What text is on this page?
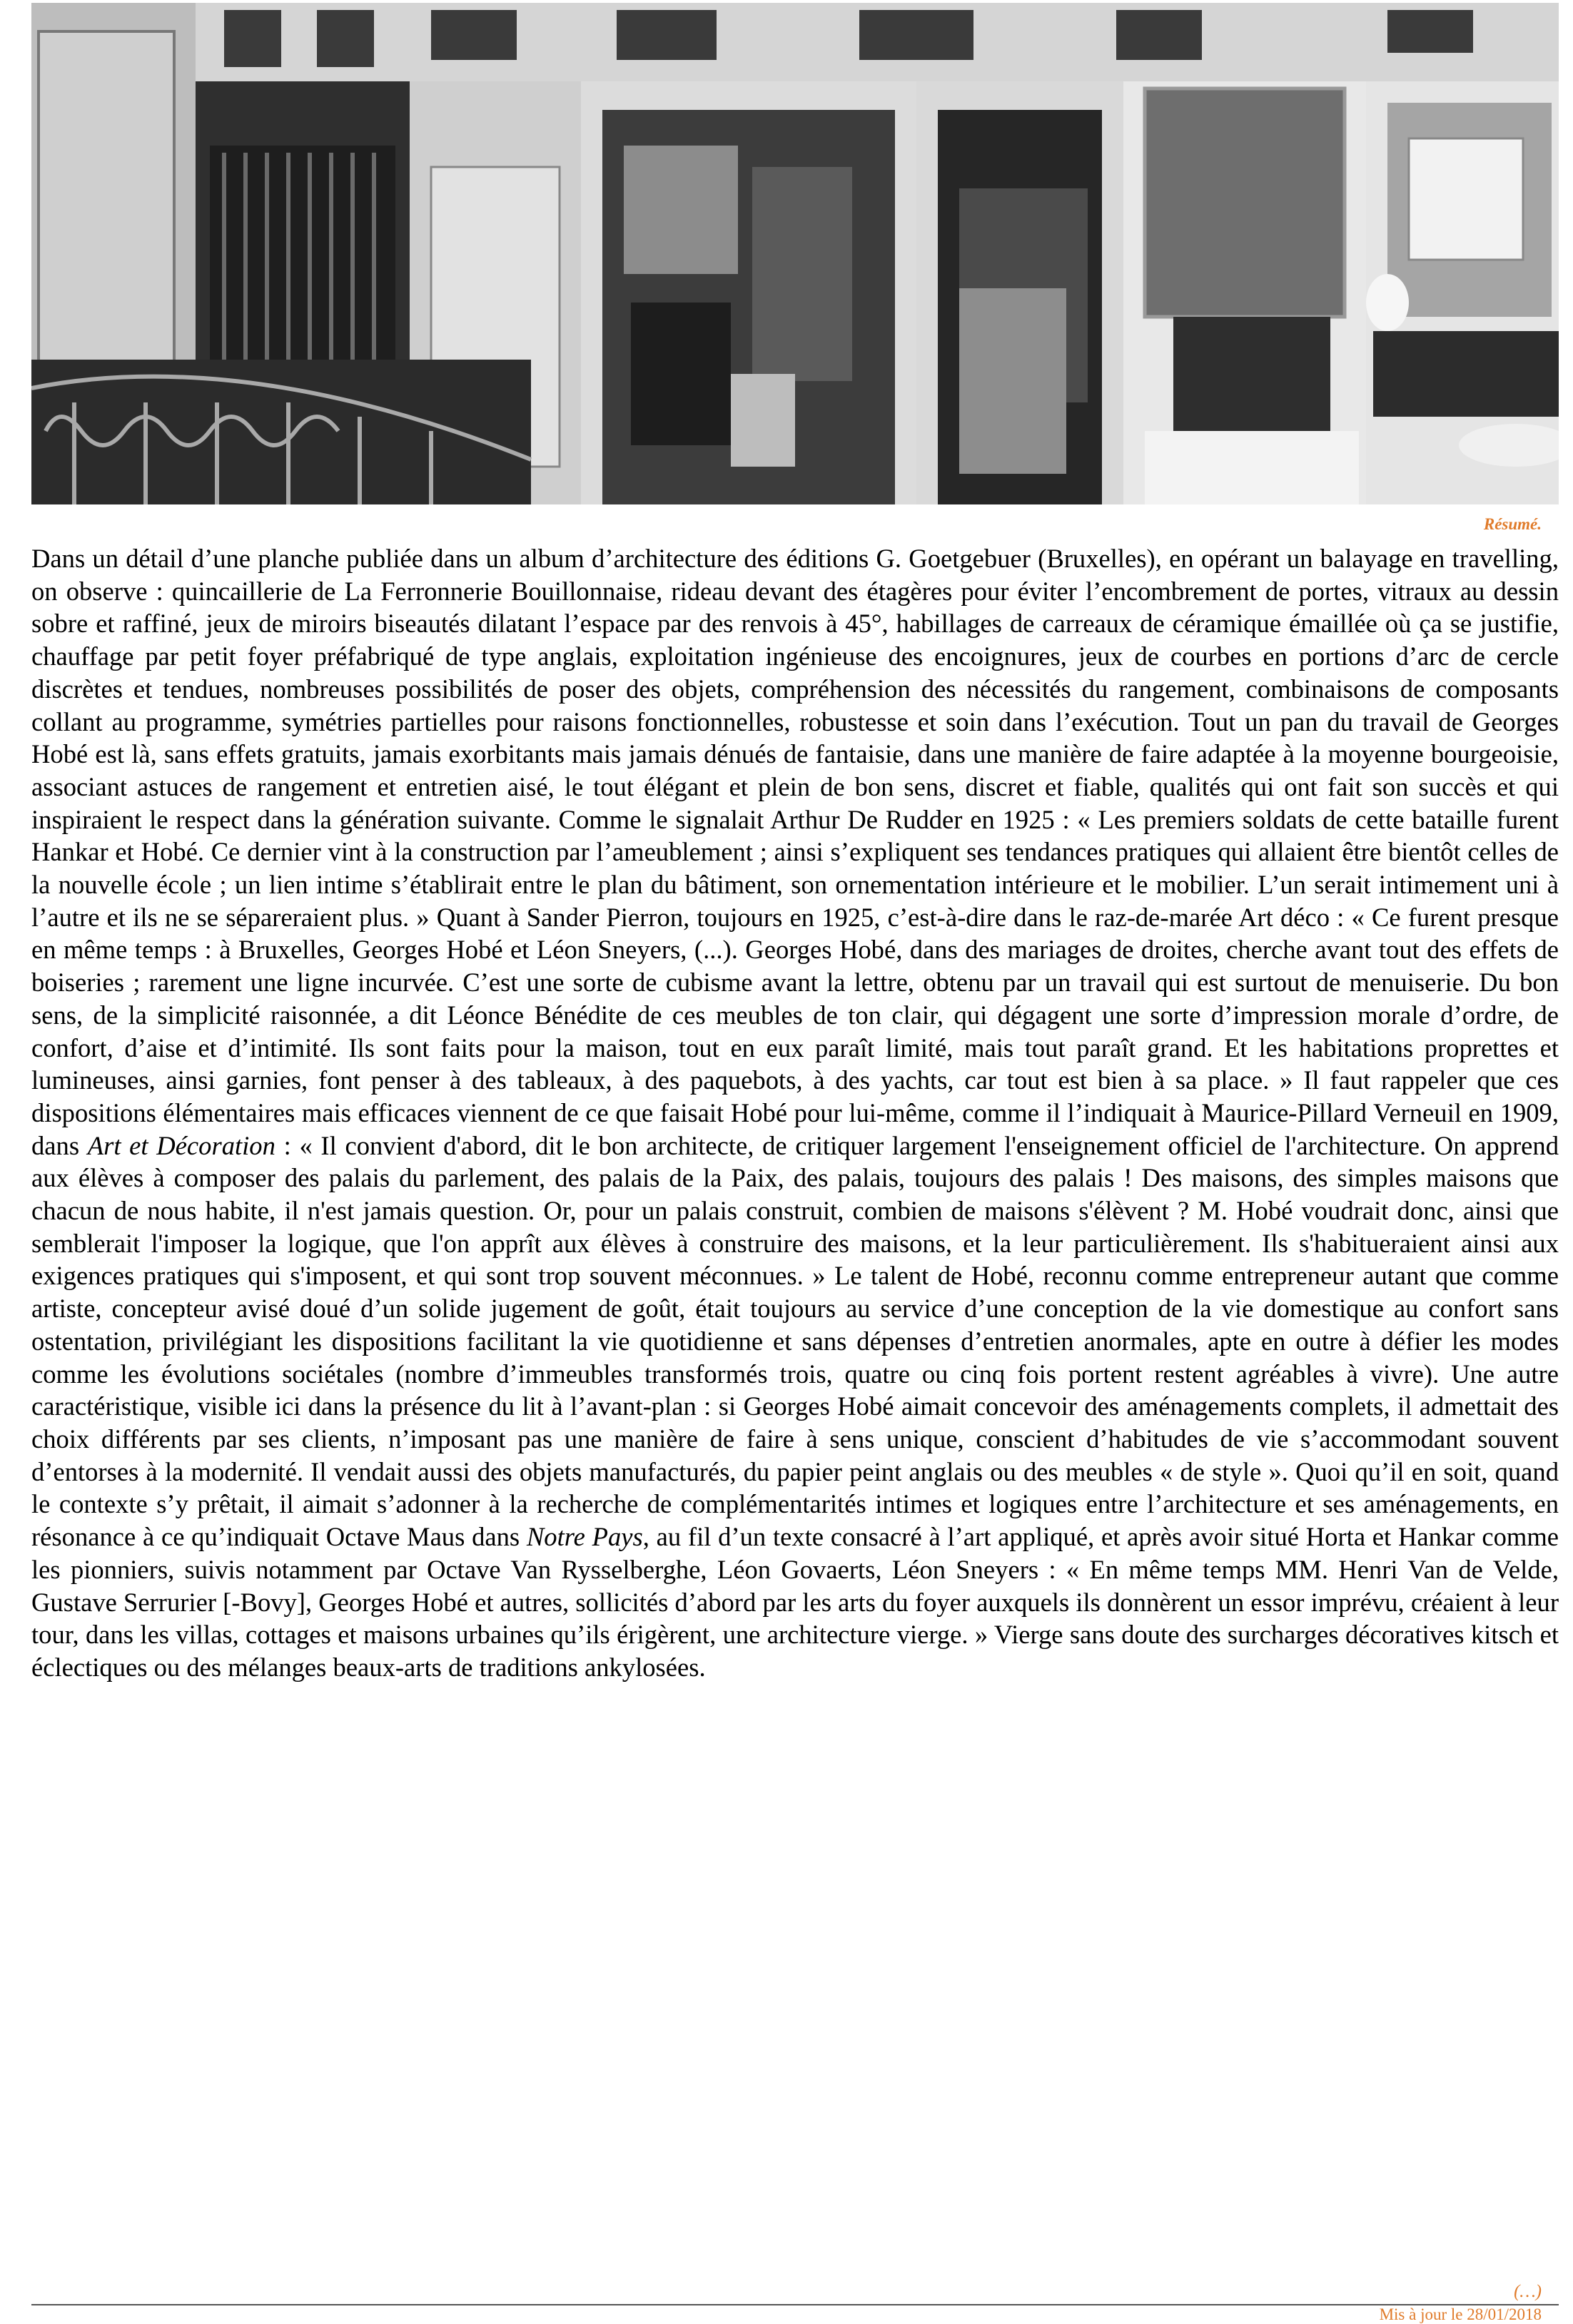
Résumé.
Dans un détail d’une planche publiée dans un album d’architecture des éditions G. Goetgebuer (Bruxelles), en opérant un balayage en travelling, on observe : quincaillerie de La Ferronnerie Bouillonnaise, rideau devant des étagères pour éviter l’encombrement de portes, vitraux au dessin sobre et raffiné, jeux de miroirs biseautés dilatant l’espace par des renvois à 45°, habillages de carreaux de céramique émaillée où ça se justifie, chauffage par petit foyer préfabriqué de type anglais, exploitation ingénieuse des encoignures, jeux de courbes en portions d’arc de cercle discrètes et tendues, nombreuses possibilités de poser des objets, compréhension des nécessités du rangement, combinaisons de composants collant au programme, symétries partielles pour raisons fonctionnelles, robustesse et soin dans l’exécution. Tout un pan du travail de Georges Hobé est là, sans effets gratuits, jamais exorbitants mais jamais dénués de fantaisie, dans une manière de faire adaptée à la moyenne bourgeoisie, associant astuces de rangement et entretien aisé, le tout élégant et plein de bon sens, discret et fiable, qualités qui ont fait son succès et qui inspiraient le respect dans la génération suivante. Comme le signalait Arthur De Rudder en 1925 : « Les premiers soldats de cette bataille furent Hankar et Hobé. Ce dernier vint à la construction par l’ameublement ; ainsi s’expliquent ses tendances pratiques qui allaient être bientôt celles de la nouvelle école ; un lien intime s’établirait entre le plan du bâtiment, son ornementation intérieure et le mobilier. L’un serait intimement uni à l’autre et ils ne se sépareraient plus. » Quant à Sander Pierron, toujours en 1925, c’est-à-dire dans le raz-de-marée Art déco : « Ce furent presque en même temps : à Bruxelles, Georges Hobé et Léon Sneyers, (...). Georges Hobé, dans des mariages de droites, cherche avant tout des effets de boiseries ; rarement une ligne incurvée. C’est une sorte de cubisme avant la lettre, obtenu par un travail qui est surtout de menuiserie. Du bon sens, de la simplicité raisonnée, a dit Léonce Bénédite de ces meubles de ton clair, qui dégagent une sorte d’impression morale d’ordre, de confort, d’aise et d’intimité. Ils sont faits pour la maison, tout en eux paraît limité, mais tout paraît grand. Et les habitations proprettes et lumineuses, ainsi garnies, font penser à des tableaux, à des paquebots, à des yachts, car tout est bien à sa place. » Il faut rappeler que ces dispositions élémentaires mais efficaces viennent de ce que faisait Hobé pour lui-même, comme il l’indiquait à Maurice-Pillard Verneuil en 1909, dans Art et Décoration : « Il convient d'abord, dit le bon architecte, de critiquer largement l'enseignement officiel de l'architecture. On apprend aux élèves à composer des palais du parlement, des palais de la Paix, des palais, toujours des palais ! Des maisons, des simples maisons que chacun de nous habite, il n'est jamais question. Or, pour un palais construit, combien de maisons s'élèvent ? M. Hobé voudrait donc, ainsi que semblerait l'imposer la logique, que l'on apprît aux élèves à construire des maisons, et la leur particulièrement. Ils s'habitueraient ainsi aux exigences pratiques qui s'imposent, et qui sont trop souvent méconnues. » Le talent de Hobé, reconnu comme entrepreneur autant que comme artiste, concepteur avisé doué d’un solide jugement de goût, était toujours au service d’une conception de la vie domestique au confort sans ostentation, privilégiant les dispositions facilitant la vie quotidienne et sans dépenses d’entretien anormales, apte en outre à défier les modes comme les évolutions sociétales (nombre d’immeubles transformés trois, quatre ou cinq fois portent restent agréables à vivre). Une autre caractéristique, visible ici dans la présence du lit à l’avant-plan : si Georges Hobé aimait concevoir des aménagements complets, il admettait des choix différents par ses clients, n’imposant pas une manière de faire à sens unique, conscient d’habitudes de vie s’accommodant souvent d’entorses à la modernité. Il vendait aussi des objets manufacturés, du papier peint anglais ou des meubles « de style ». Quoi qu’il en soit, quand le contexte s’y prêtait, il aimait s’adonner à la recherche de complémentarités intimes et logiques entre l’architecture et ses aménagements, en résonance à ce qu’indiquait Octave Maus dans Notre Pays, au fil d’un texte consacré à l’art appliqué, et après avoir situé Horta et Hankar comme les pionniers, suivis notamment par Octave Van Rysselberghe, Léon Govaerts, Léon Sneyers : « En même temps MM. Henri Van de Velde, Gustave Serrurier [-Bovy], Georges Hobé et autres, sollicités d’abord par les arts du foyer auxquels ils donnèrent un essor imprévu, créaient à leur tour, dans les villas, cottages et maisons urbaines qu’ils érigèrent, une architecture vierge. » Vierge sans doute des surcharges décoratives kitsch et éclectiques ou des mélanges beaux-arts de traditions ankylosées.
(…)
Mis à jour le 28/01/2018
